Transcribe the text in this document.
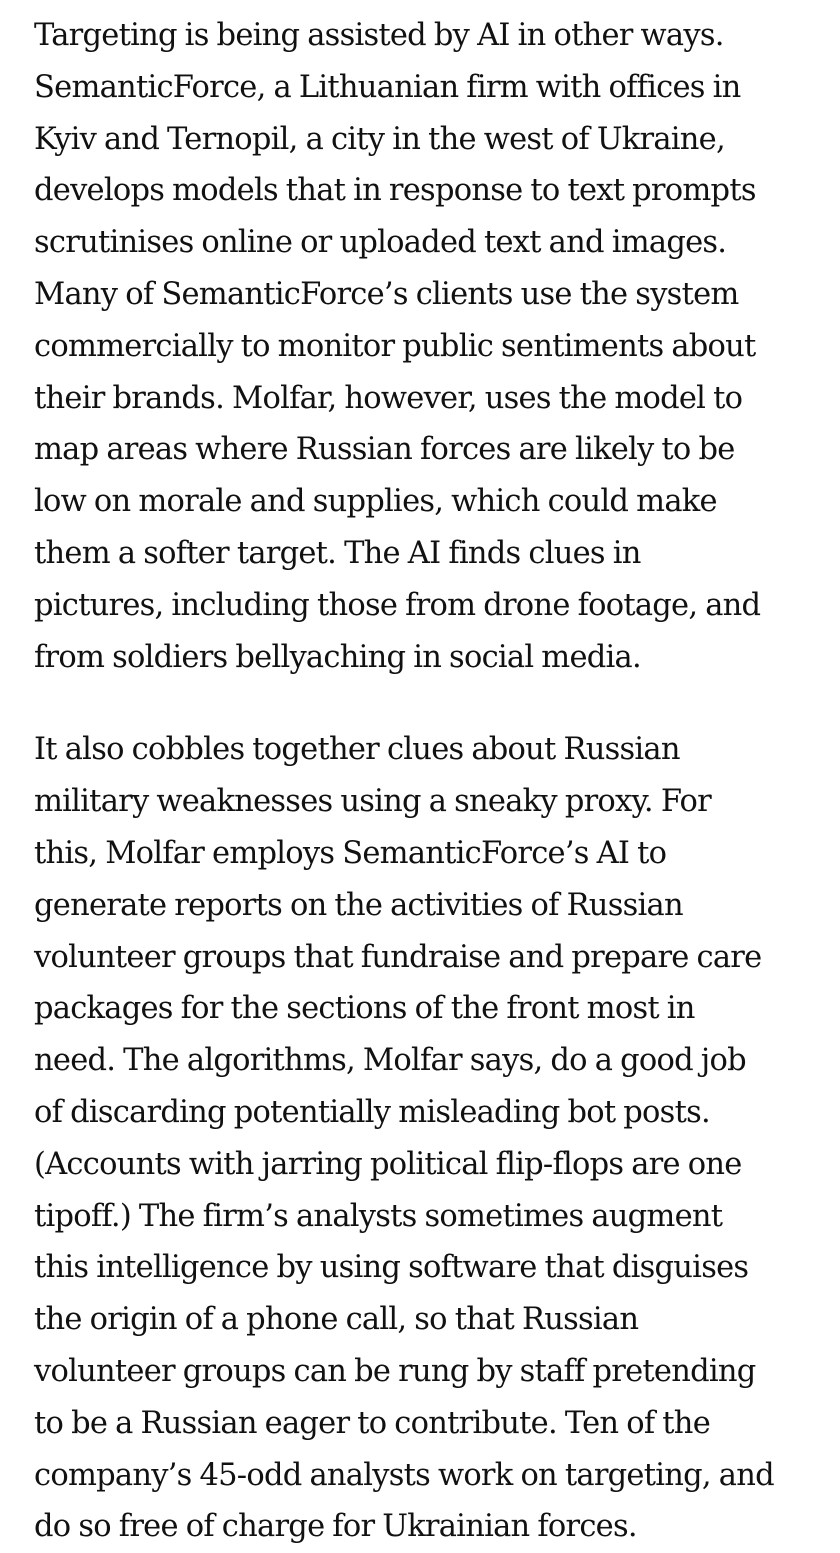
Targeting is being assisted by AI in other ways.
SemanticForce, a Lithuanian firm with offices in
Kyiv and Ternopil, a city in the west of Ukraine,
develops models that in response to text prompts
scrutinises online or uploaded text and images.
Many of SemanticForce’s clients use the system
commercially to monitor public sentiments about
their brands. Molfar, however, uses the model to
map areas where Russian forces are likely to be
low on morale and supplies, which could make
them a softer target. The AI finds clues in
pictures, including those from drone footage, and
from soldiers bellyaching in social media.

It also cobbles together clues about Russian
military weaknesses using a sneaky proxy. For
this, Molfar employs SemanticForce’s AI to
generate reports on the activities of Russian
volunteer groups that fundraise and prepare care
packages for the sections of the front most in
need. The algorithms, Molfar says, do a good job
of discarding potentially misleading bot posts.
(Accounts with jarring political flip-flops are one
tipoff.) The firm’s analysts sometimes augment
this intelligence by using software that disguises
the origin of a phone call, so that Russian
volunteer groups can be rung by staff pretending
to be a Russian eager to contribute. Ten of the
company’s 45-odd analysts work on targeting, and
do so free of charge for Ukrainian forces.
